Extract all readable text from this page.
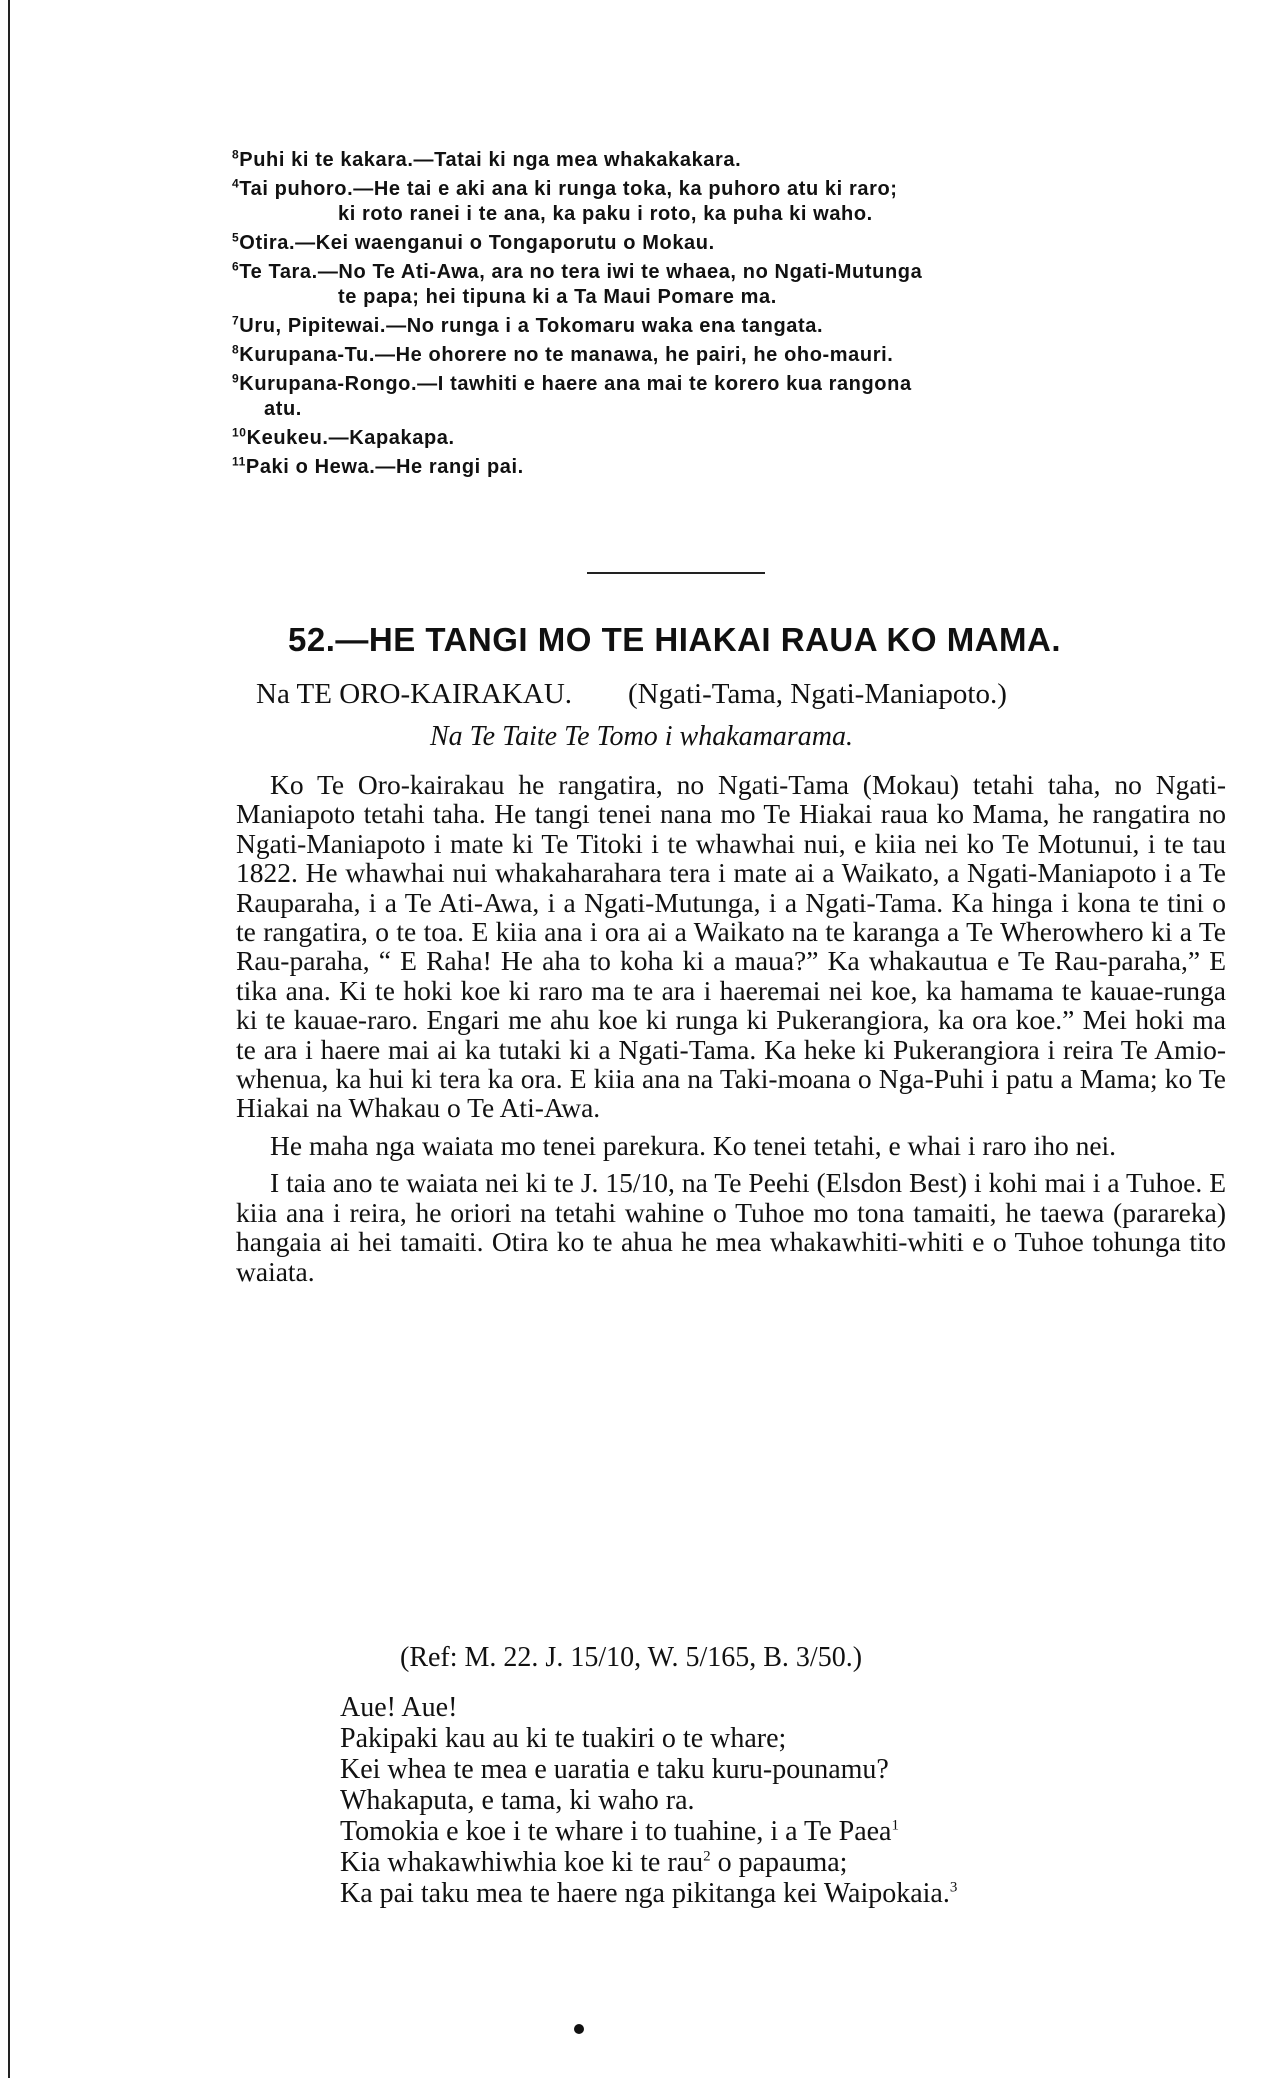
$^8$Puhi ki te kakara.—Tatai ki nga mea whakakakara.
$^4$Tai puhoro.—He tai e aki ana ki runga toka, ka puhoro atu ki raro;
ki roto ranei i te ana, ka paku i roto, ka puha ki waho.
$^5$Otira.—Kei waenganui o Tongaporutu o Mokau.
$^6$Te Tara.—No Te Ati-Awa, ara no tera iwi te whaea, no Ngati-Mutunga
te papa; hei tipuna ki a Ta Maui Pomare ma.
$^7$Uru, Pipitewai.—No runga i a Tokomaru waka ena tangata.
$^8$Kurupana-Tu.—He ohorere no te manawa, he pairi, he oho-mauri.
$^9$Kurupana-Rongo.—I tawhiti e haere ana mai te korero kua rangona
atu.
$^{10}$Keukeu.—Kapakapa.
$^{11}$Paki o Hewa.—He rangi pai.
52.—HE TANGI MO TE HIAKAI RAUA KO MAMA.
Na TE ORO-KAIRAKAU. (Ngati-Tama, Ngati-Maniapoto.)
Na Te Taite Te Tomo i whakamarama.

Ko Te Oro-kairakau he rangatira, no Ngati-Tama (Mokau) tetahi taha, no Ngati-Maniapoto tetahi taha. He tangi tenei nana mo Te Hiakai raua ko Mama, he rangatira no Ngati-Maniapoto i mate ki Te Titoki i te whawhai nui, e kiia nei ko Te Motunui, i te tau 1822. He whawhai nui whakaharahara tera i mate ai a Waikato, a Ngati-Maniapoto i a Te Rauparaha, i a Te Ati-Awa, i a Ngati-Mutunga, i a Ngati-Tama. Ka hinga i kona te tini o te rangatira, o te toa. E kiia ana i ora ai a Waikato na te karanga a Te Wherowhero ki a Te Rau-paraha, “ E Raha! He aha to koha ki a maua?” Ka whakautua e Te Rau-paraha,” E tika ana. Ki te hoki koe ki raro ma te ara i haeremai nei koe, ka hamama te kauae-runga ki te kauae-raro. Engari me ahu koe ki runga ki Pukerangiora, ka ora koe.” Mei hoki ma te ara i haere mai ai ka tutaki ki a Ngati-Tama. Ka heke ki Pukerangiora i reira Te Amio-whenua, ka hui ki tera ka ora. E kiia ana na Taki-moana o Nga-Puhi i patu a Mama; ko Te Hiakai na Whakau o Te Ati-Awa.

He maha nga waiata mo tenei parekura. Ko tenei tetahi, e whai i raro iho nei.

I taia ano te waiata nei ki te J. 15/10, na Te Peehi (Elsdon Best) i kohi mai i a Tuhoe. E kiia ana i reira, he oriori na tetahi wahine o Tuhoe mo tona tamaiti, he taewa (parareka) hangaia ai hei tamaiti. Otira ko te ahua he mea whakawhiti-whiti e o Tuhoe tohunga tito waiata.

(Ref: M. 22. J. 15/10, W. 5/165, B. 3/50.)
Aue! Aue!
Pakipaki kau au ki te tuakiri o te whare;
Kei whea te mea e uaratia e taku kuru-pounamu?
Whakaputa, e tama, ki waho ra.
Tomokia e koe i te whare i to tuahine, i a Te Paea$^1$
Kia whakawhiwhia koe ki te rau$^2$ o papauma;
Ka pai taku mea te haere nga pikitanga kei Waipokaia.$^3$
